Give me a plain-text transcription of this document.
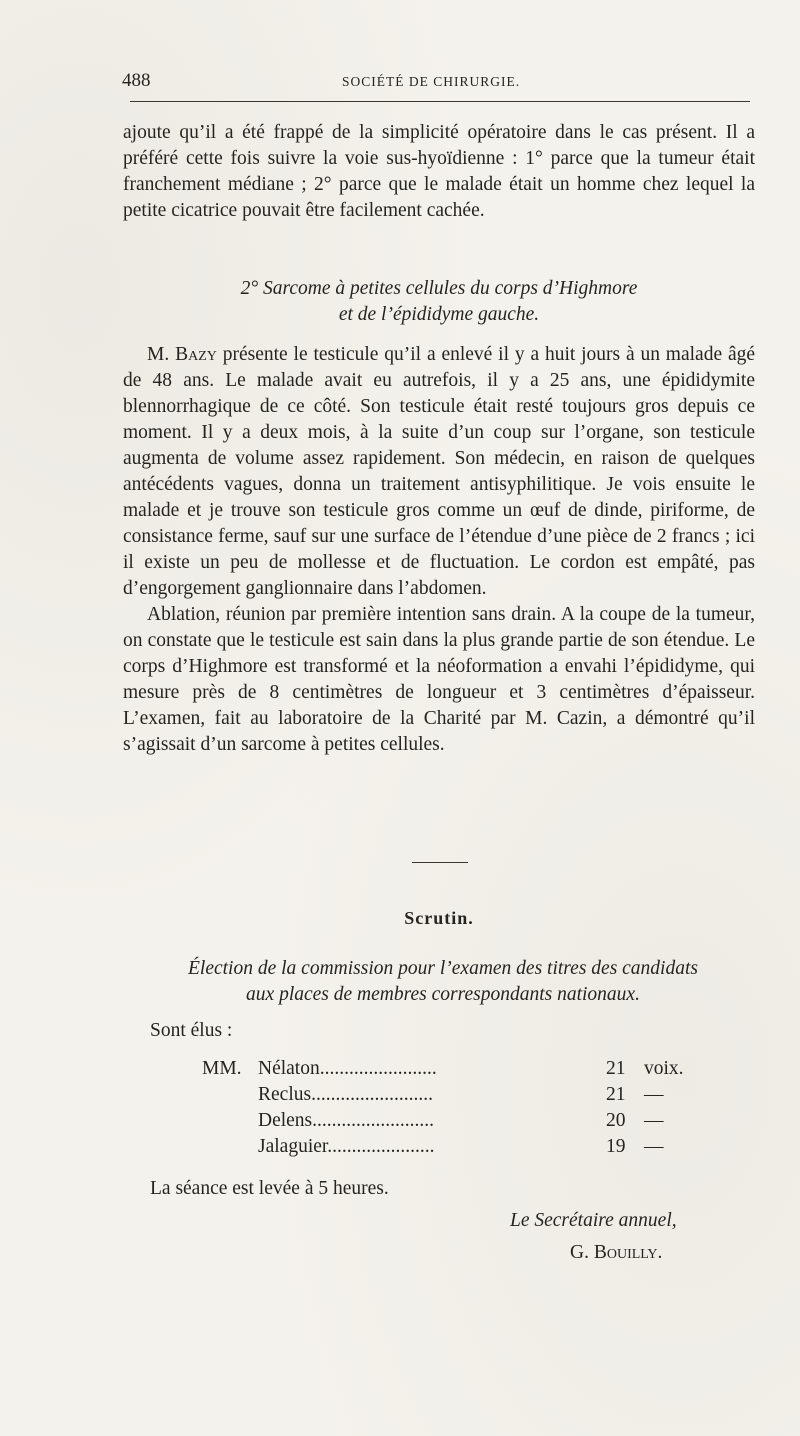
488	SOCIÉTÉ DE CHIRURGIE.

ajoute qu’il a été frappé de la simplicité opératoire dans le cas présent. Il a préféré cette fois suivre la voie sus-hyoïdienne : 1° parce que la tumeur était franchement médiane ; 2° parce que le malade était un homme chez lequel la petite cicatrice pouvait être facilement cachée.

2° Sarcome à petites cellules du corps d’Highmore
et de l’épididyme gauche.

M. Bazy présente le testicule qu’il a enlevé il y a huit jours à un malade âgé de 48 ans. Le malade avait eu autrefois, il y a 25 ans, une épididymite blennorrhagique de ce côté. Son testicule était resté toujours gros depuis ce moment. Il y a deux mois, à la suite d’un coup sur l’organe, son testicule augmenta de volume assez rapidement. Son médecin, en raison de quelques antécédents vagues, donna un traitement antisyphilitique. Je vois ensuite le malade et je trouve son testicule gros comme un œuf de dinde, piriforme, de consistance ferme, sauf sur une surface de l’étendue d’une pièce de 2 francs ; ici il existe un peu de mollesse et de fluctuation. Le cordon est empâté, pas d’engorgement ganglionnaire dans l’abdomen.

Ablation, réunion par première intention sans drain. A la coupe de la tumeur, on constate que le testicule est sain dans la plus grande partie de son étendue. Le corps d’Highmore est transformé et la néoformation a envahi l’épididyme, qui mesure près de 8 centimètres de longueur et 3 centimètres d’épaisseur. L’examen, fait au laboratoire de la Charité par M. Cazin, a démontré qu’il s’agissait d’un sarcome à petites cellules.

Scrutin.
Élection de la commission pour l’examen des titres des candidats
aux places de membres correspondants nationaux.
Sont élus :
MM. Nélaton........................	21 voix.
Reclus.........................	21 —
Delens.........................	20 —
Jalaguier......................	19 —
La séance est levée à 5 heures.
Le Secrétaire annuel,
G. Bouilly.
